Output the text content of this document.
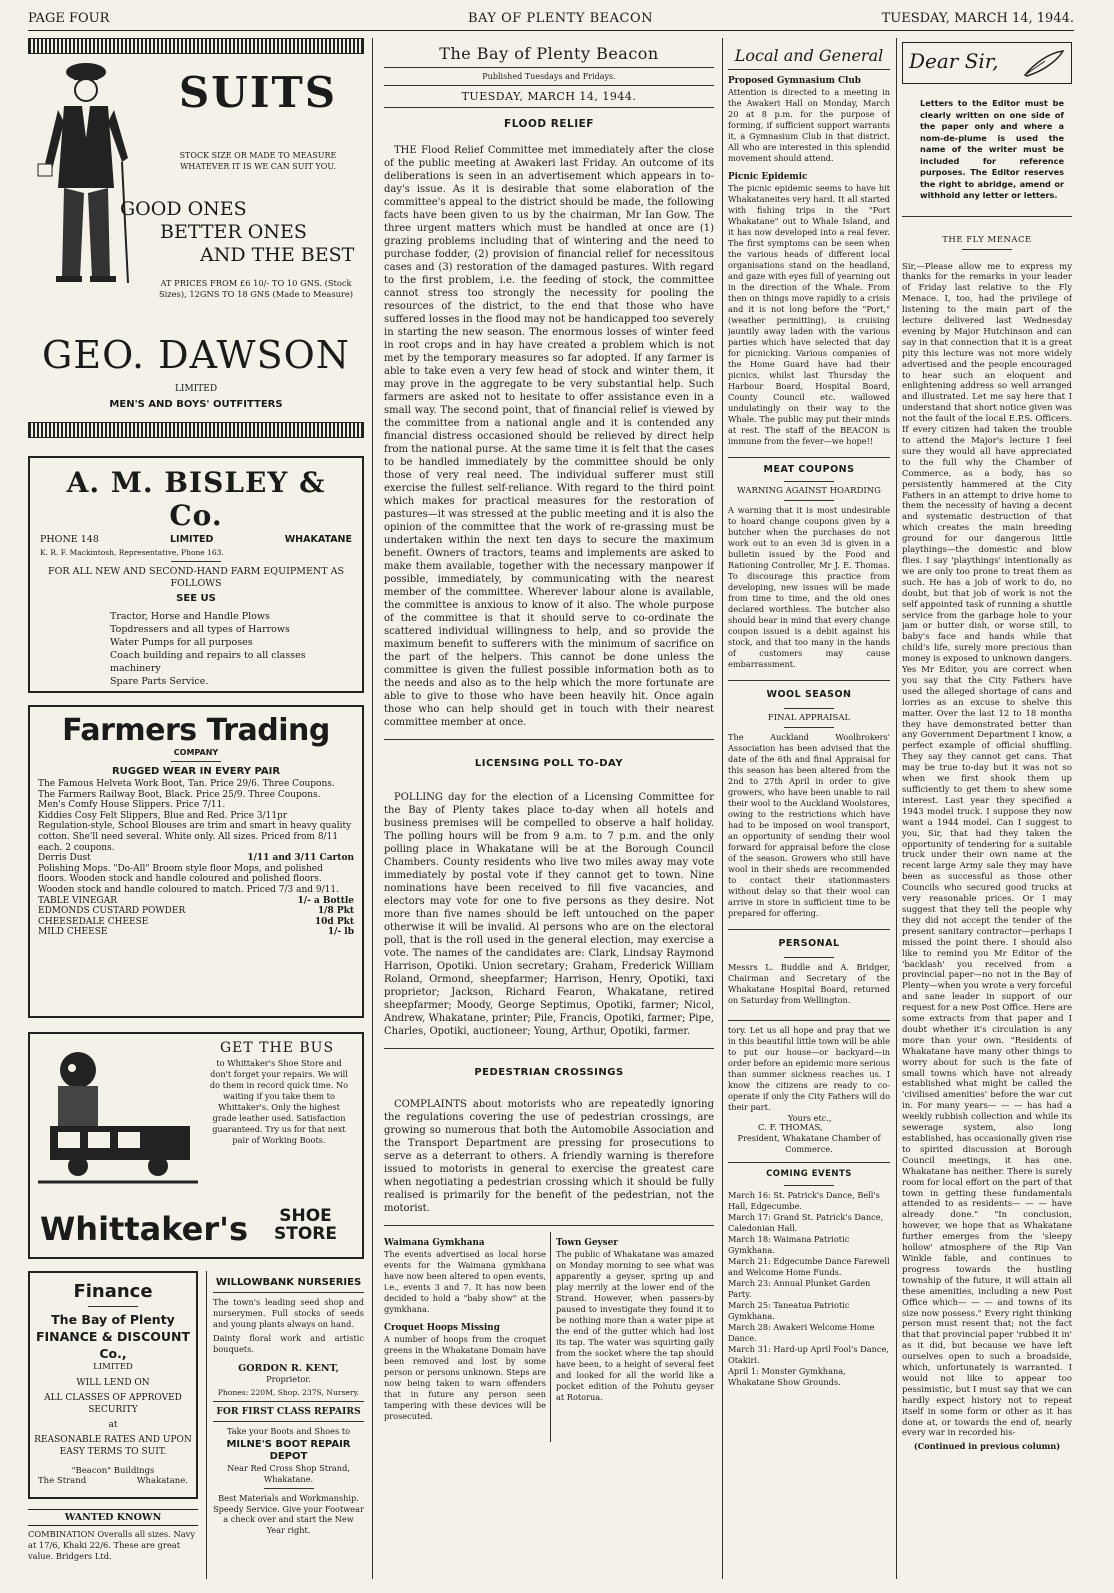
PAGE FOUR	BAY OF PLENTY BEACON	TUESDAY, MARCH 14, 1944.
SUITS
STOCK SIZE OR MADE TO MEASURE WHATEVER IT IS WE CAN SUIT YOU.
GOOD ONES
BETTER ONES
AND THE BEST
AT PRICES FROM £6 10/- TO 10 GNS. (Stock Sizes), 12GNS TO 18 GNS (Made to Measure)
GEO. DAWSON
LIMITED
MEN'S AND BOYS' OUTFITTERS
A. M. BISLEY & Co.
PHONE 148	LIMITED	WHAKATANE
K. R. F. Mackintosh, Representative, Phone 163.
FOR ALL NEW AND SECOND-HAND FARM EQUIPMENT AS FOLLOWS
SEE US
Tractor, Horse and Handle Plows
Topdressers and all types of Harrows
Water Pumps for all purposes
Coach building and repairs to all classes machinery
Spare Parts Service.
Farmers Trading
COMPANY
RUGGED WEAR IN EVERY PAIR
The Famous Helveta Work Boot, Tan. Price 29/6. Three Coupons.
The Farmers Railway Boot, Black. Price 25/9. Three Coupons.
Men's Comfy House Slippers. Price 7/11.
Kiddies Cosy Felt Slippers, Blue and Red. Price 3/11pr
Regulation-style, School Blouses are trim and smart in heavy quality cotton. She'll need several. White only. All sizes. Priced from 8/11 each. 2 coupons.
Derris Dust	1/11 and 3/11 Carton
Polishing Mops. "Do-All" Broom style floor Mops, and polished floors. Wooden stock and handle coloured and polished floors. Wooden stock and handle coloured to match. Priced 7/3 and 9/11.
TABLE VINEGAR	1/- a Bottle
EDMONDS CUSTARD POWDER	1/8 Pkt
CHEESEDALE CHEESE	10d Pkt
MILD CHEESE	1/- lb
GET THE BUS
to Whittaker's Shoe Store and don't forget your repairs. We will do them in record quick time. No waiting if you take them to Whittaker's. Only the highest grade leather used. Satisfaction guaranteed. Try us for that next pair of Working Boots.
Whittaker's	SHOE
STORE
Finance
The Bay of Plenty FINANCE & DISCOUNT Co.,
LIMITED
WILL LEND ON
ALL CLASSES OF APPROVED SECURITY
at
REASONABLE RATES AND UPON EASY TERMS TO SUIT.
"Beacon" Buildings
The Strand	Whakatane.
WANTED KNOWN
COMBINATION Overalls all sizes. Navy at 17/6, Khaki 22/6. These are great value. Bridgers Ltd.
WILLOWBANK NURSERIES
The town's leading seed shop and nurserymen. Full stocks of seeds and young plants always on hand.
Dainty floral work and artistic bouquets.
GORDON R. KENT,
Proprietor.
Phones: 220M, Shop. 237S, Nursery.
FOR FIRST CLASS REPAIRS
Take your Boots and Shoes to
MILNE'S BOOT REPAIR DEPOT
Near Red Cross Shop Strand, Whakatane.
Best Materials and Workmanship. Speedy Service. Give your Footwear a check over and start the New Year right.
The Bay of Plenty Beacon
Published Tuesdays and Fridays.
TUESDAY, MARCH 14, 1944.
FLOOD RELIEF

THE Flood Relief Committee met immediately after the close of the public meeting at Awakeri last Friday. An outcome of its deliberations is seen in an advertisement which appears in to-day's issue. As it is desirable that some elaboration of the committee's appeal to the district should be made, the following facts have been given to us by the chairman, Mr Ian Gow. The three urgent matters which must be handled at once are (1) grazing problems including that of wintering and the need to purchase fodder, (2) provision of financial relief for necessitous cases and (3) restoration of the damaged pastures. With regard to the first problem, i.e. the feeding of stock, the committee cannot stress too strongly the necessity for pooling the resources of the district, to the end that those who have suffered losses in the flood may not be handicapped too severely in starting the new season. The enormous losses of winter feed in root crops and in hay have created a problem which is not met by the temporary measures so far adopted. If any farmer is able to take even a very few head of stock and winter them, it may prove in the aggregate to be very substantial help. Such farmers are asked not to hesitate to offer assistance even in a small way. The second point, that of financial relief is viewed by the committee from a national angle and it is contended any financial distress occasioned should be relieved by direct help from the national purse. At the same time it is felt that the cases to be handled immediately by the committee should be only those of very real need. The individual sufferer must still exercise the fullest self-reliance. With regard to the third point which makes for practical measures for the restoration of pastures—it was stressed at the public meeting and it is also the opinion of the committee that the work of re-grassing must be undertaken within the next ten days to secure the maximum benefit. Owners of tractors, teams and implements are asked to make them available, together with the necessary manpower if possible, immediately, by communicating with the nearest member of the committee. Wherever labour alone is available, the committee is anxious to know of it also. The whole purpose of the committee is that it should serve to co-ordinate the scattered individual willingness to help, and so provide the maximum benefit to sufferers with the minimum of sacrifice on the part of the helpers. This cannot be done unless the committee is given the fullest possible information both as to the needs and also as to the help which the more fortunate are able to give to those who have been heavily hit. Once again those who can help should get in touch with their nearest committee member at once.

LICENSING POLL TO-DAY

POLLING day for the election of a Licensing Committee for the Bay of Plenty takes place to-day when all hotels and business premises will be compelled to observe a half holiday. The polling hours will be from 9 a.m. to 7 p.m. and the only polling place in Whakatane will be at the Borough Council Chambers. County residents who live two miles away may vote immediately by postal vote if they cannot get to town. Nine nominations have been received to fill five vacancies, and electors may vote for one to five persons as they desire. Not more than five names should be left untouched on the paper otherwise it will be invalid. Al persons who are on the electoral poll, that is the roll used in the general election, may exercise a vote. The names of the candidates are: Clark, Lindsay Raymond Harrison, Opotiki. Union secretary; Graham, Frederick William Roland, Ormond, sheepfarmer; Harrison, Henry, Opotiki, taxi proprietor; Jackson, Richard Fearon, Whakatane, retired sheepfarmer; Moody, George Septimus, Opotiki, farmer; Nicol, Andrew, Whakatane, printer; Pile, Francis, Opotiki, farmer; Pipe, Charles, Opotiki, auctioneer; Young, Arthur, Opotiki, farmer.

PEDESTRIAN CROSSINGS

COMPLAINTS about motorists who are repeatedly ignoring the regulations covering the use of pedestrian crossings, are growing so numerous that both the Automobile Association and the Transport Department are pressing for prosecutions to serve as a deterrant to others. A friendly warning is therefore issued to motorists in general to exercise the greatest care when negotiating a pedestrian crossing which it should be fully realised is primarily for the benefit of the pedestrian, not the motorist.

Waimana Gymkhana

The events advertised as local horse events for the Waimana gymkhana have now been altered to open events, i.e., events 3 and 7. It has now been decided to hold a "baby show" at the gymkhana.

Croquet Hoops Missing

A number of hoops from the croquet greens in the Whakatane Domain have been removed and lost by some person or persons unknown. Steps are now being taken to warn offenders that in future any person seen tampering with these devices will be prosecuted.

Town Geyser

The public of Whakatane was amazed on Monday morning to see what was apparently a geyser, spring up and play merrily at the lower end of the Strand. However, when passers-by paused to investigate they found it to be nothing more than a water pipe at the end of the gutter which had lost its tap. The water was squirting gaily from the socket where the tap should have been, to a height of several feet and looked for all the world like a pocket edition of the Pohutu geyser at Rotorua.

Local and General
Proposed Gymnasium Club

Attention is directed to a meeting in the Awakeri Hall on Monday, March 20 at 8 p.m. for the purpose of forming, if sufficient support warrants it, a Gymnasium Club in that district. All who are interested in this splendid movement should attend.

Picnic Epidemic

The picnic epidemic seems to have hit Whakataneites very hard. It all started with fishing trips in the "Port Whakatane" out to Whale Island, and it has now developed into a real fever. The first symptoms can be seen when the various heads of different local organisations stand on the headland, and gaze with eyes full of yearning out in the direction of the Whale. From then on things move rapidly to a crisis and it is not long before the "Port," (weather permitting), is cruising jauntily away laden with the various parties which have selected that day for picnicking. Various companies of the Home Guard have had their picnics, whilst last Thursday the Harbour Board, Hospital Board, County Council etc. wallowed undulatingly on their way to the Whale. The public may put their minds at rest. The staff of the BEACON is immune from the fever—we hope!!

MEAT COUPONS
WARNING AGAINST HOARDING

A warning that it is most undesirable to hoard change coupons given by a butcher when the purchases do not work out to an even 3d is given in a bulletin issued by the Food and Rationing Controller, Mr J. E. Thomas. To discourage this practice from developing, new issues will be made from time to time, and the old ones declared worthless. The butcher also should bear in mind that every change coupon issued is a debit against his stock, and that too many in the hands of customers may cause embarrassment.

WOOL SEASON
FINAL APPRAISAL

The Auckland Woolbrokers' Association has been advised that the date of the 6th and final Appraisal for this season has been altered from the 2nd to 27th April in order to give growers, who have been unable to rail their wool to the Auckland Woolstores, owing to the restrictions which have had to be imposed on wool transport, an opportunity of sending their wool forward for appraisal before the close of the season. Growers who still have wool in their sheds are recommended to contact their stationmasters without delay so that their wool can arrive in store in sufficient time to be prepared for offering.

PERSONAL

Messrs L. Buddle and A. Bridger, Chairman and Secretary of the Whakatane Hospital Board, returned on Saturday from Wellington.

tory. Let us all hope and pray that we in this beautiful little town will be able to put our house—or backyard—in order before an epidemic more serious than summer sickness reaches us. I know the citizens are ready to co-operate if only the City Fathers will do their part.

Yours etc.,
C. F. THOMAS,
President, Whakatane Chamber of Commerce.
COMING EVENTS
March 16: St. Patrick's Dance, Bell's Hall, Edgecumbe.
March 17: Grand St. Patrick's Dance, Caledonian Hall.
March 18: Waimana Patriotic Gymkhana.
March 21: Edgecumbe Dance Farewell and Welcome Home Funds.
March 23: Annual Plunket Garden Party.
March 25: Taneatua Patriotic Gymkhana.
March 28: Awakeri Welcome Home Dance.
March 31: Hard-up April Fool's Dance, Otakiri.
April 1: Monster Gymkhana, Whakatane Show Grounds.
Dear Sir,
Letters to the Editor must be clearly written on one side of the paper only and where a nom-de-plume is used the name of the writer must be included for reference purposes. The Editor reserves the right to abridge, amend or withhold any letter or letters.
THE FLY MENACE

Sir,—Please allow me to express my thanks for the remarks in your leader of Friday last relative to the Fly Menace. I, too, had the privilege of listening to the main part of the lecture delivered last Wednesday evening by Major Hutchinson and can say in that connection that it is a great pity this lecture was not more widely advertised and the people encouraged to hear such an eloquent and enlightening address so well arranged and illustrated. Let me say here that I understand that short notice given was not the fault of the local E.P.S. Officers. If every citizen had taken the trouble to attend the Major's lecture I feel sure they would all have appreciated to the full why the Chamber of Commerce, as a body, has so persistently hammered at the City Fathers in an attempt to drive home to them the necessity of having a decent and systematic destruction of that which creates the main breeding ground for our dangerous little playthings—the domestic and blow flies. I say 'playthings' intentionally as we are only too prone to treat them as such. He has a job of work to do, no doubt, but that job of work is not the self appointed task of running a shuttle service from the garbage hole to your jam or butter dish, or worse still, to baby's face and hands while that child's life, surely more precious than money is exposed to unknown dangers. Yes Mr Editor, you are correct when you say that the City Fathers have used the alleged shortage of cans and lorries as an excuse to shelve this matter. Over the last 12 to 18 months they have demonstrated better than any Government Department I know, a perfect example of official shuffling. They say they cannot get cans. That may be true to-day but it was not so when we first shook them up sufficiently to get them to shew some interest. Last year they specified a 1943 model truck. I suppose they now want a 1944 model. Can I suggest to you, Sir, that had they taken the opportunity of tendering for a suitable truck under their own name at the recent large Army sale they may have been as successful as those other Councils who secured good trucks at very reasonable prices. Or I may suggest that they tell the people why they did not accept the tender of the present sanitary contractor—perhaps I missed the point there. I should also like to remind you Mr Editor of the 'backlash' you received from a provincial paper—no not in the Bay of Plenty—when you wrote a very forceful and sane leader in support of our request for a new Post Office. Here are some extracts from that paper and I doubt whether it's circulation is any more than your own. "Residents of Whakatane have many other things to worry about for such is the fate of small towns which have not already established what might be called the 'civilised amenities' before the war cut in. For many years— — — has had a weekly rubbish collection and while its sewerage system, also long established, has occasionally given rise to spirited discussion at Borough Council meetings, it has one. Whakatane has neither. There is surely room for local effort on the part of that town in getting these fundamentals attended to as residents— — — have already done." "In conclusion, however, we hope that as Whakatane further emerges from the 'sleepy hollow' atmosphere of the Rip Van Winkle fable, and continues to progress towards the hustling township of the future, it will attain all these amenities, including a new Post Office which— — — and towns of its size now possess." Every right thinking person must resent that; not the fact that that provincial paper 'rubbed it in' as it did, but because we have left ourselves open to such a broadside, which, unfortunately is warranted. I would not like to appear too pessimistic, but I must say that we can hardly expect history not to repeat itself in some form or other as it has done at, or towards the end of, nearly every war in recorded his-

(Continued in previous column)
